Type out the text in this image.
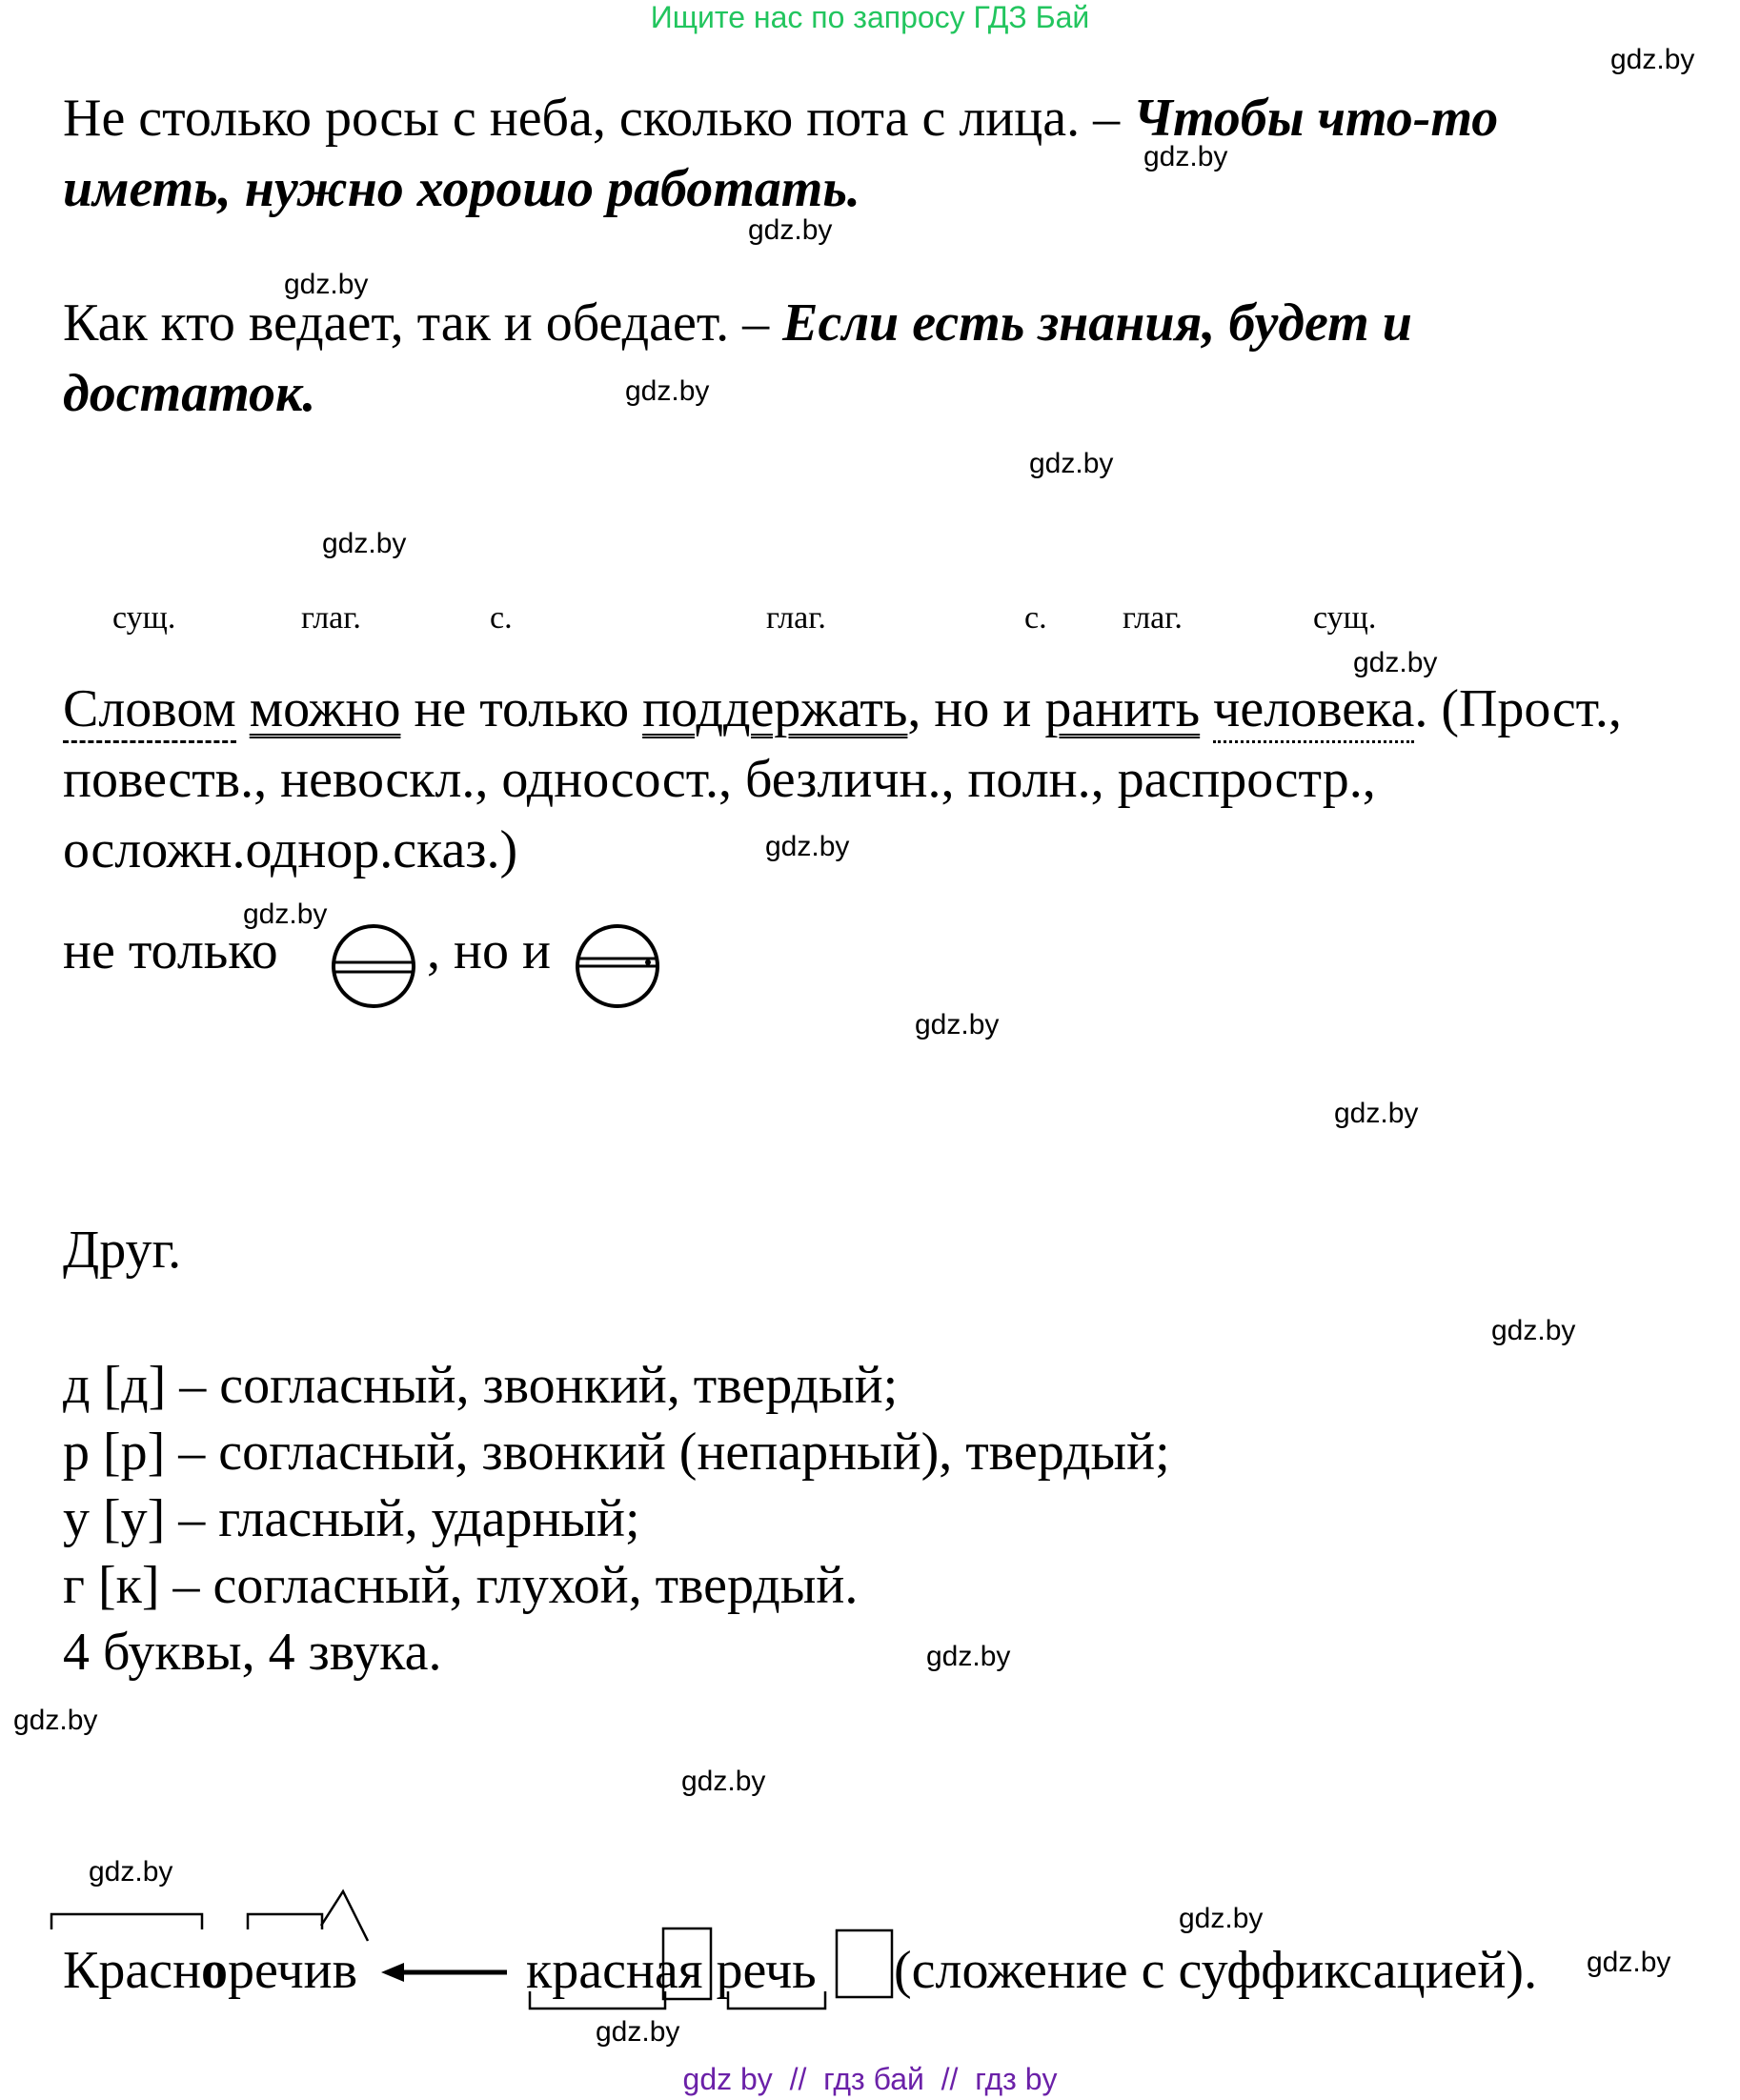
Ищите нас по запросу ГДЗ Бай
gdz.by
gdz.by
gdz.by
gdz.by
gdz.by
gdz.by
gdz.by
gdz.by
gdz.by
gdz.by
gdz.by
gdz.by
gdz.by
gdz.by
gdz.by
gdz.by
gdz.by
gdz.by
gdz.by
gdz.by
Не столько росы с неба, сколько пота с лица. – Чтобы что-то
иметь, нужно хорошо работать.
Как кто ведает, так и обедает. – Если есть знания, будет и
достаток.
сущ.	глаг.	с.	глаг.	с. глаг.	сущ.
Словом можно не только поддержать, но и ранить человека. (Прост.,
повеств., невоскл., односост., безличн., полн., распростр.,
осложн.однор.сказ.)
не только	, но и
Друг.
д [д] – согласный, звонкий, твердый;
р [р] – согласный, звонкий (непарный), твердый;
у [у] – гласный, ударный;
г [к] – согласный, глухой, твердый.
4 буквы, 4 звука.
Красноречив	красная речь (сложение с суффиксацией).
gdz by  //  гдз бай  //  гдз by
